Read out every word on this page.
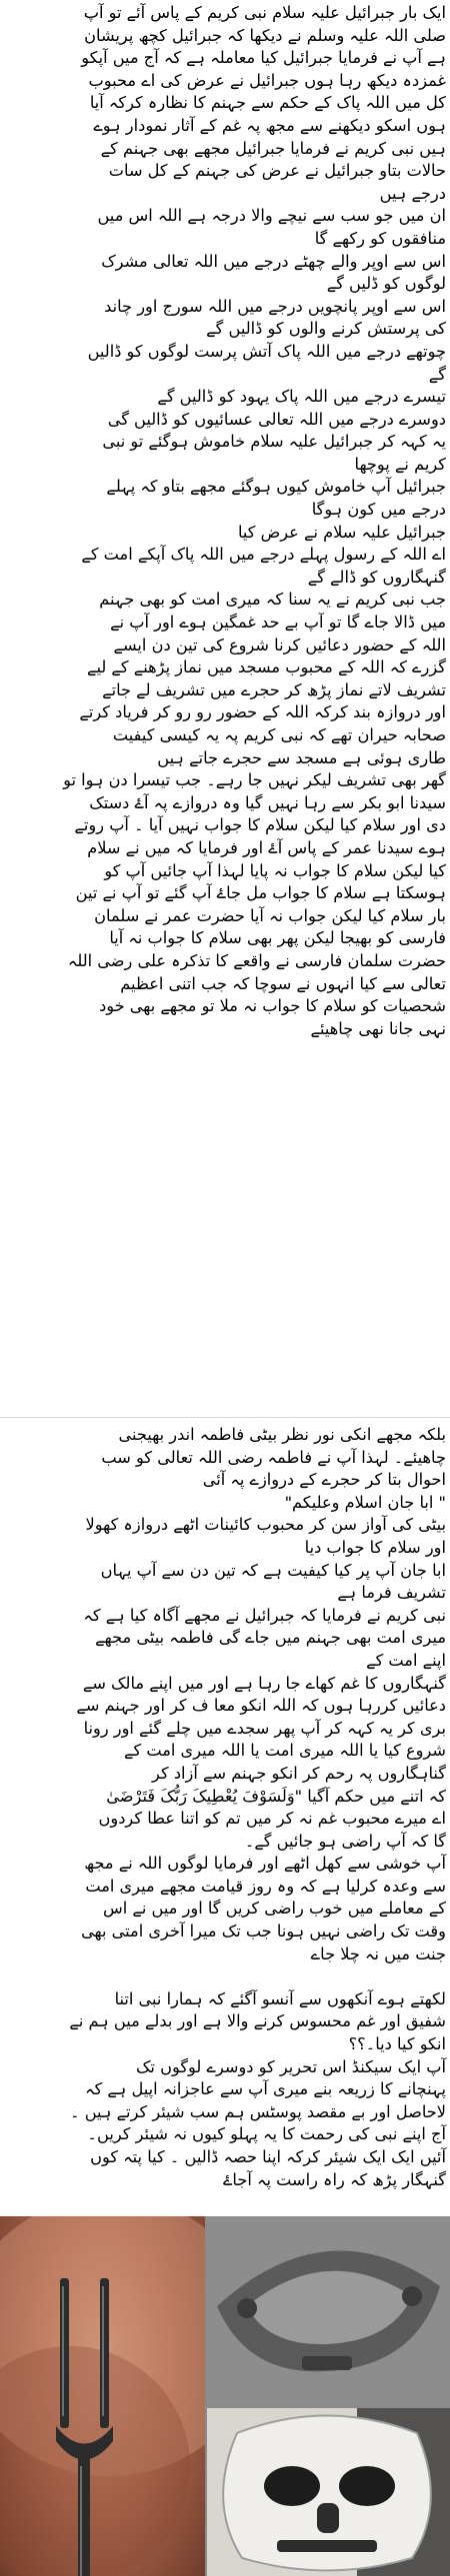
ایک بار جبرائیل علیہ سلام نبی کریم کے پاس آئے تو آپ
صلی اللہ علیہ وسلم نے دیکھا کہ جبرائیل کچھ پریشان
ہے آپ نے فرمایا جبرائیل کیا معاملہ ہے کہ آج میں آپکو
غمزدہ دیکھ رہا ہوں جبرائیل نے عرض کی اے محبوب
کل میں اللہ پاک کے حکم سے جہنم کا نظارہ کرکہ آیا
ہوں اسکو دیکھنے سے مجھ پہ غم کے آثار نمودار ہوے
ہیں نبی کریم نے فرمایا جبرائیل مجھے بھی جہنم کے
حالات بتاو جبرائیل نے عرض کی جہنم کے کل سات
درجے ہیں
ان میں جو سب سے نیچے والا درجہ ہے اللہ اس میں
منافقوں کو رکھے گا
اس سے اوپر والے چھٹے درجے میں اللہ تعالی مشرک
لوگوں کو ڈلیں گے
اس سے اوپر پانچویں درجے میں اللہ سورج اور چاند
کی پرستش کرنے والوں کو ڈالیں گے
چوتھے درجے میں اللہ پاک آتش پرست لوگوں کو ڈالیں
گے
تیسرے درجے میں اللہ پاک یہود کو ڈالیں گے
دوسرے درجے میں اللہ تعالی عسائیوں کو ڈالیں گی
یہ کہہ کر جبرائیل علیہ سلام خاموش ہوگئے تو نبی
کریم نے پوچھا
جبرائیل آپ خاموش کیوں ہوگئے مجھے بتاو کہ پہلے
درجے میں کون ہوگا
جبرائیل علیہ سلام نے عرض کیا
اے اللہ کے رسول پہلے درجے میں اللہ پاک آپکے امت کے
گنہگاروں کو ڈالے گے
جب نبی کریم نے یہ سنا کہ میری امت کو بھی جہنم
میں ڈالا جاے گا تو آپ بے حد غمگین ہوے اور آپ نے
اللہ کے حضور دعائیں کرنا شروع کی تین دن ایسے
گزرے کہ اللہ کے محبوب مسجد میں نماز پڑھنے کے لیے
تشریف لاتے نماز پڑھ کر حجرے میں تشریف لے جاتے
اور دروازہ بند کرکہ اللہ کے حضور رو رو کر فریاد کرتے
صحابہ حیران تھے کہ نبی کریم پہ یہ کیسی کیفیت
طاری ہوئی ہے مسجد سے حجرے جاتے ہیں
گھر بھی تشریف لیکر نہیں جا رہے۔ جب تیسرا دن ہوا تو
سیدنا ابو بکر سے رہا نہیں گیا وہ دروازے پہ آۓ دستک
دی اور سلام کیا لیکن سلام کا جواب نہیں آیا ۔ آپ روتے
ہوے سیدنا عمر کے پاس آۓ اور فرمایا کہ میں نے سلام
کیا لیکن سلام کا جواب نہ پایا لہذا آپ جائیں آپ کو
ہوسکتا ہے سلام کا جواب مل جاۓ آپ گئے تو آپ نے تین
بار سلام کیا لیکن جواب نہ آیا حضرت عمر نے سلمان
فارسی کو بھیجا لیکن پھر بھی سلام کا جواب نہ آیا
حضرت سلمان فارسی نے واقعے کا تذکرہ علی رضی اللہ
تعالی سے کیا انہوں نے سوچا کہ جب اتنی اعظیم
شحصیات کو سلام کا جواب نہ ملا تو مجھے بھی خود
نہی جانا نھی چاھیئے

بلکہ مجھے انکی نور نظر بیٹی فاطمہ اندر بھیجنی
چاھیئے۔ لہذا آپ نے فاطمہ رضی اللہ تعالی کو سب
احوال بتا کر حجرے کے دروازے پہ آئی
" ابا جان اسلام وعلیکم"
بیٹی کی آواز سن کر محبوب کائینات اٹھے دروازہ کھولا
اور سلام کا جواب دیا
ابا جان آپ پر کیا کیفیت ہے کہ تین دن سے آپ یہاں
تشریف فرما ہے
نبی کریم نے فرمایا کہ جبرائیل نے مجھے آگاہ کیا ہے کہ
میری امت بھی جہنم میں جاے گی فاطمہ بیٹی مجھے
اپنے امت کے
گنہگاروں کا غم کھاے جا رہا ہے اور میں اپنے مالک سے
دعائیں کررہا ہوں کہ اللہ انکو معا ف کر اور جہنم سے
بری کر یہ کہہ کر آپ پھر سجدے میں چلے گئے اور رونا
شروع کیا یا اللہ میری امت یا اللہ میری امت کے
گناہگاروں پہ رحم کر انکو جہنم سے آزاد کر
کہ اتنے میں حکم آگیا "وَلَسَوْفَ یُعْطِیکَ رَبُّکَ فَتَرْضَىٰ
اے میرے محبوب غم نہ کر میں تم کو اتنا عطا کردوں
گا کہ آپ راضی ہو جائیں گے۔
آپ خوشی سے کھل اٹھے اور فرمایا لوگوں اللہ نے مجھ
سے وعدہ کرلیا ہے کہ وہ روز قیامت مجھے میری امت
کے معاملے میں خوب راضی کریں گا اور میں نے اس
وقت تک راضی نہیں ہونا جب تک میرا آخری امتی بھی
جنت میں نہ چلا جاے

لکھتے ہوے آنکھوں سے آنسو آگئے کہ ہمارا نبی اتنا
شفیق اور غم محسوس کرنے والا ہے اور بدلے میں ہم نے
انکو کیا دیا۔؟؟
آپ ایک سیکنڈ اس تحریر کو دوسرے لوگوں تک
پہنچانے کا زریعہ بنے میری آپ سے عاجزانہ اپیل ہے کہ
لاحاصل اور بے مقصد پوسٹس ہم سب شیئر کرتے ہیں ۔
آج اپنے نبی کی رحمت کا یہ پہلو کیوں نہ شیئر کریں۔
آئیں ایک ایک شیئر کرکہ اپنا حصہ ڈالیں ۔ کیا پتہ کوں
گنہگار پڑھ کہ راہ راست پہ آجاۓ
